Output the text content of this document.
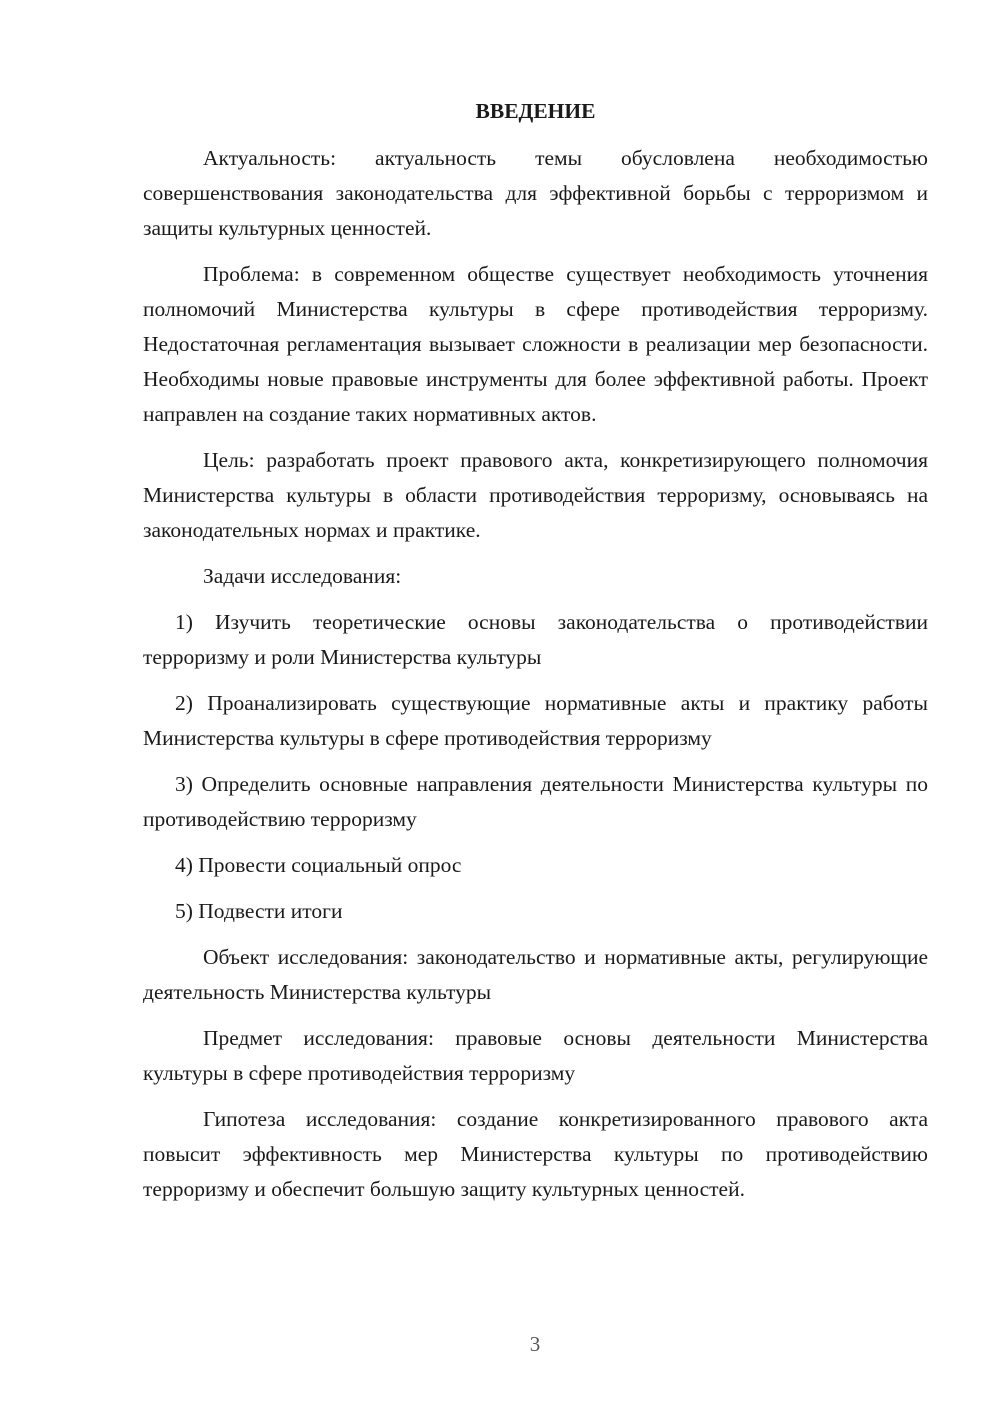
ВВЕДЕНИЕ

Актуальность: актуальность темы обусловлена необходимостью совершенствования законодательства для эффективной борьбы с терроризмом и защиты культурных ценностей.

Проблема: в современном обществе существует необходимость уточнения полномочий Министерства культуры в сфере противодействия терроризму. Недостаточная регламентация вызывает сложности в реализации мер безопасности. Необходимы новые правовые инструменты для более эффективной работы. Проект направлен на создание таких нормативных актов.

Цель: разработать проект правового акта, конкретизирующего полномочия Министерства культуры в области противодействия терроризму, основываясь на законодательных нормах и практике.

Задачи исследования:

1) Изучить теоретические основы законодательства о противодействии терроризму и роли Министерства культуры

2) Проанализировать существующие нормативные акты и практику работы Министерства культуры в сфере противодействия терроризму

3) Определить основные направления деятельности Министерства культуры по противодействию терроризму

4) Провести социальный опрос

5) Подвести итоги

Объект исследования: законодательство и нормативные акты, регулирующие деятельность Министерства культуры

Предмет исследования: правовые основы деятельности Министерства культуры в сфере противодействия терроризму

Гипотеза исследования: создание конкретизированного правового акта повысит эффективность мер Министерства культуры по противодействию терроризму и обеспечит большую защиту культурных ценностей.

3
